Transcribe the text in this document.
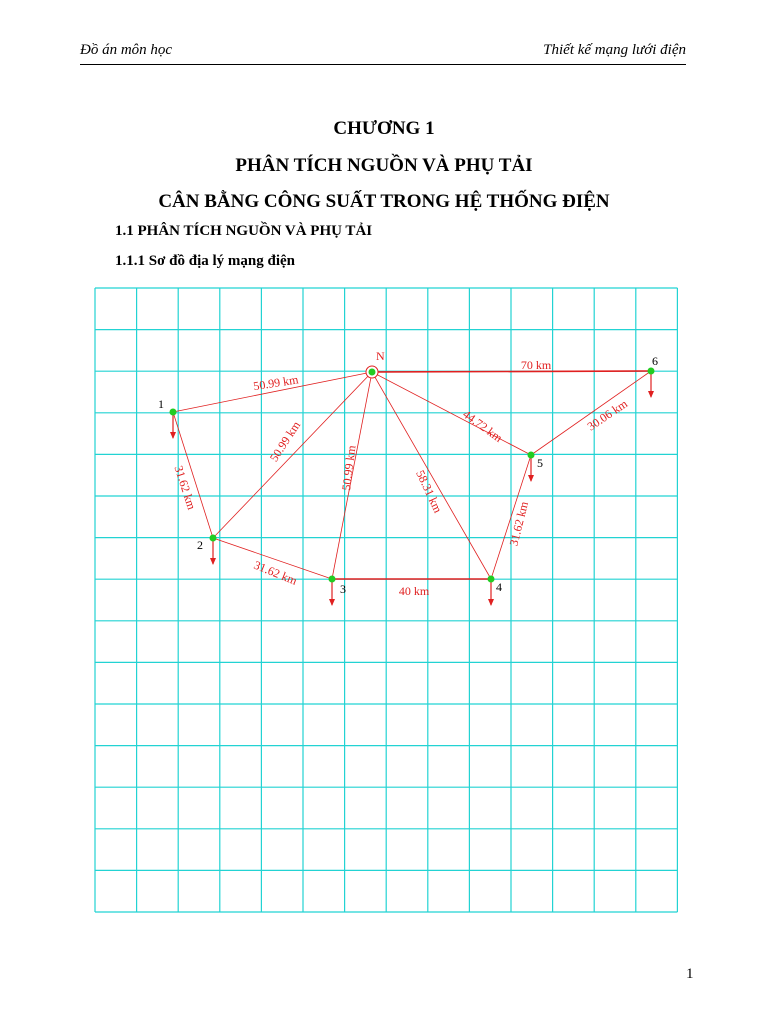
Đồ án môn học	Thiết kế mạng lưới điện
CHƯƠNG 1
PHÂN TÍCH NGUỒN VÀ PHỤ TẢI
CÂN BẰNG CÔNG SUẤT TRONG HỆ THỐNG ĐIỆN
1.1 PHÂN TÍCH NGUỒN VÀ PHỤ TẢI
1.1.1 Sơ đồ địa lý mạng điện
50.99 km
50.99 km
50.99 km
58.31 km
44.72 km
70 km
31.62 km
31.62 km
40 km
31.62 km
30.06 km
N
1
2
3	4
5
6
1
